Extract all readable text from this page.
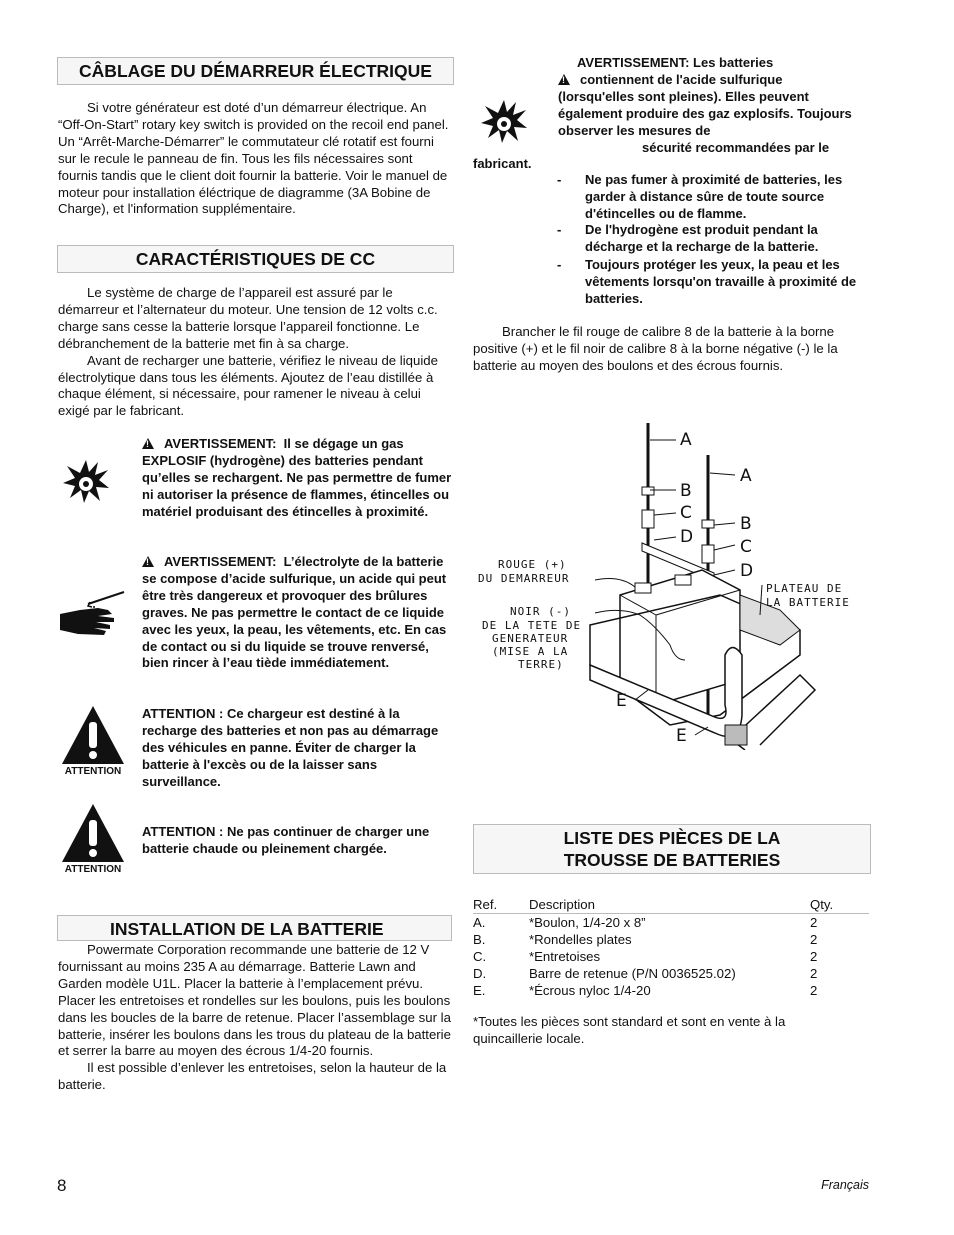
CÂBLAGE DU DÉMARREUR ÉLECTRIQUE

Si votre générateur est doté d’un démarreur électrique. An “Off-On-Start” rotary key switch is provided on the recoil end panel. Un “Arrêt-Marche-Démarrer” le commutateur clé rotatif est fourni sur le recule le panneau de fin. Tous les fils nécessaires sont fournis tandis que le client doit fournir la batterie. Voir le manuel de moteur pour installation éléctrique de diagramme (3A Bobine de Charge), et l'information supplémentaire.

CARACTÉRISTIQUES DE CC

Le système de charge de l’appareil est assuré par le démarreur et l’alternateur du moteur. Une tension de 12 volts c.c. charge sans cesse la batterie lorsque l’appareil fonctionne. Le débranchement de la batterie met fin à sa charge.

Avant de recharger une batterie, vérifiez le niveau de liquide électrolytique dans tous les éléments. Ajoutez de l’eau distillée à chaque élément, si nécessaire, pour ramener le niveau à celui exigé par le fabricant.

!AVERTISSEMENT: Il se dégage un gas EXPLOSIF (hydrogène) des batteries pendant qu’elles se rechargent. Ne pas permettre de fumer ni autoriser la présence de flammes, étincelles ou matériel produisant des étincelles à proximité.
!AVERTISSEMENT: L’électrolyte de la batterie se compose d’acide sulfurique, un acide qui peut être très dangereux et provoquer des brûlures graves. Ne pas permettre le contact de ce liquide avec les yeux, la peau, les vêtements, etc. En cas de contact ou si du liquide se trouve renversé, bien rincer à l’eau tiède immédiatement.
ATTENTION
ATTENTION : Ce chargeur est destiné à la recharge des batteries et non pas au démarrage des véhicules en panne. Éviter de charger la batterie à l'excès ou de la laisser sans surveillance.
ATTENTION
ATTENTION : Ne pas continuer de charger une batterie chaude ou pleinement chargée.
INSTALLATION DE LA BATTERIE

Powermate Corporation recommande une batterie de 12 V fournissant au moins 235 A au démarrage. Batterie Lawn and Garden modèle U1L. Placer la batterie à l’emplacement prévu. Placer les entretoises et rondelles sur les boulons, puis les boulons dans les boucles de la barre de retenue. Placer l’assemblage sur la batterie, insérer les boulons dans les trous du plateau de la batterie et serrer la barre au moyen des écrous 1/4-20 fournis.

Il est possible d’enlever les entretoises, selon la hauteur de la batterie.

AVERTISSEMENT: Les batteries
!contiennent de l'acide sulfurique
(lorsqu'elles sont pleines). Elles peuvent également produire des gaz explosifs. Toujours observer les mesures de
sécurité recommandées par le
fabricant.
- Ne pas fumer à proximité de batteries, les garder à distance sûre de toute source d'étincelles ou de flamme.
- De l'hydrogène est produit pendant la décharge et la recharge de la batterie.
- Toujours protéger les yeux, la peau et les vêtements lorsqu'on travaille à proximité de batteries.

Brancher le fil rouge de calibre 8 de la batterie à la borne positive (+) et le fil noir de calibre 8 à la borne négative (-) le la batterie au moyen des boulons et des écrous fournis.

A
B
C
D
A
B
C
D
E
E
ROUGE (+)
DU DEMARREUR
NOIR (-)
DE LA TETE DE
GENERATEUR
(MISE A LA
TERRE)
PLATEAU DE
LA BATTERIE
LISTE DES PIÈCES DE LA
TROUSSE DE BATTERIES
Ref.	Description	Qty.
A.	*Boulon, 1/4-20 x 8”	2
B.	*Rondelles plates	2
C.	*Entretoises	2
D.	Barre de retenue (P/N 0036525.02)	2
E.	*Écrous nyloc 1/4-20	2
*Toutes les pièces sont standard et sont en vente à la quincaillerie locale.
8	Français
